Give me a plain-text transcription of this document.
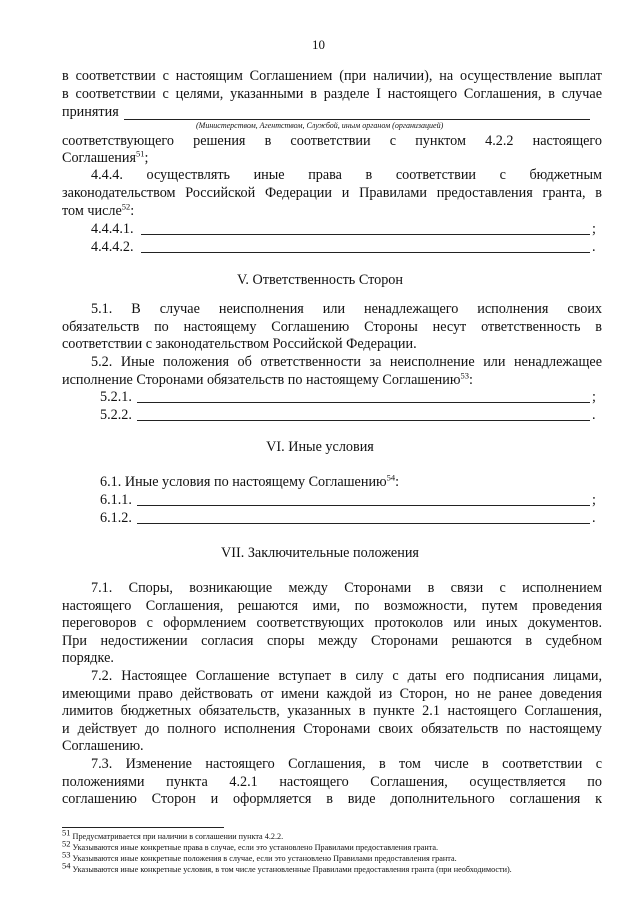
10
в соответствии с настоящим Соглашением (при наличии), на осуществление выплат
в соответствии с целями, указанными в разделе I настоящего Соглашения, в случае
принятия
(Министерством, Агентством, Службой, иным органом (организацией)
соответствующего решения в соответствии с пунктом 4.2.2 настоящего
Соглашения$^{51}$;
4.4.4. осуществлять иные права в соответствии с бюджетным
законодательством Российской Федерации и Правилами предоставления гранта, в
том числе$^{52}$:
4.4.4.1.	;
4.4.4.2.	.
V. Ответственность Сторон
5.1. В случае неисполнения или ненадлежащего исполнения своих
обязательств по настоящему Соглашению Стороны несут ответственность в
соответствии с законодательством Российской Федерации.
5.2. Иные положения об ответственности за неисполнение или ненадлежащее
исполнение Сторонами обязательств по настоящему Соглашению$^{53}$:
5.2.1.	;
5.2.2.	.
VI. Иные условия
6.1. Иные условия по настоящему Соглашению$^{54}$:
6.1.1.	;
6.1.2.	.
VII. Заключительные положения
7.1. Споры, возникающие между Сторонами в связи с исполнением
настоящего Соглашения, решаются ими, по возможности, путем проведения
переговоров с оформлением соответствующих протоколов или иных документов.
При недостижении согласия споры между Сторонами решаются в судебном
порядке.
7.2. Настоящее Соглашение вступает в силу с даты его подписания лицами,
имеющими право действовать от имени каждой из Сторон, но не ранее доведения
лимитов бюджетных обязательств, указанных в пункте 2.1 настоящего Соглашения,
и действует до полного исполнения Сторонами своих обязательств по настоящему
Соглашению.
7.3. Изменение настоящего Соглашения, в том числе в соответствии с
положениями пункта 4.2.1 настоящего Соглашения, осуществляется по
соглашению Сторон и оформляется в виде дополнительного соглашения к
$^{51}$ Предусматривается при наличии в соглашении пункта 4.2.2.
$^{52}$ Указываются иные конкретные права в случае, если это установлено Правилами предоставления гранта.
$^{53}$ Указываются иные конкретные положения в случае, если это установлено Правилами предоставления гранта.
$^{54}$ Указываются иные конкретные условия, в том числе установленные Правилами предоставления гранта (при необходимости).
